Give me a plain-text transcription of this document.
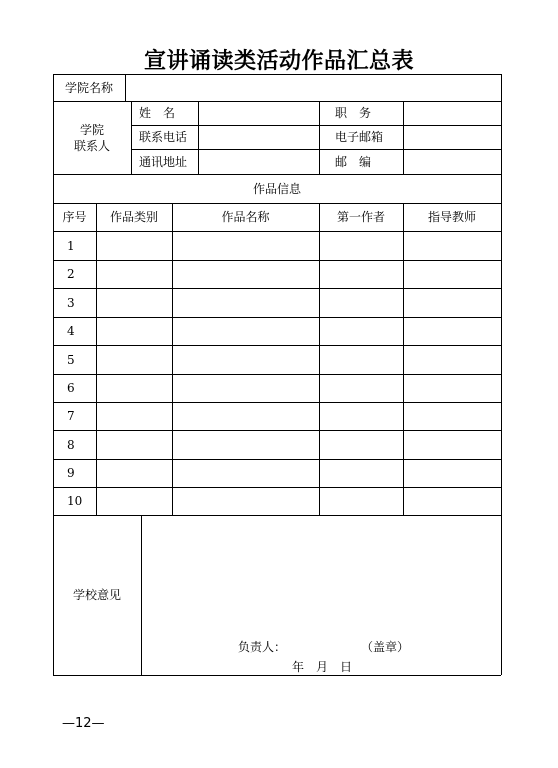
宣讲诵读类活动作品汇总表
学院名称
学院
联系人
姓　名	职　务
联系电话	电子邮箱
通讯地址	邮　编
作品信息
序号	作品类别	作品名称	第一作者	指导教师
1
2
3
4
5
6
7
8
9
10
学校意见
负责人：	（盖章）
年　月　日
—12—
